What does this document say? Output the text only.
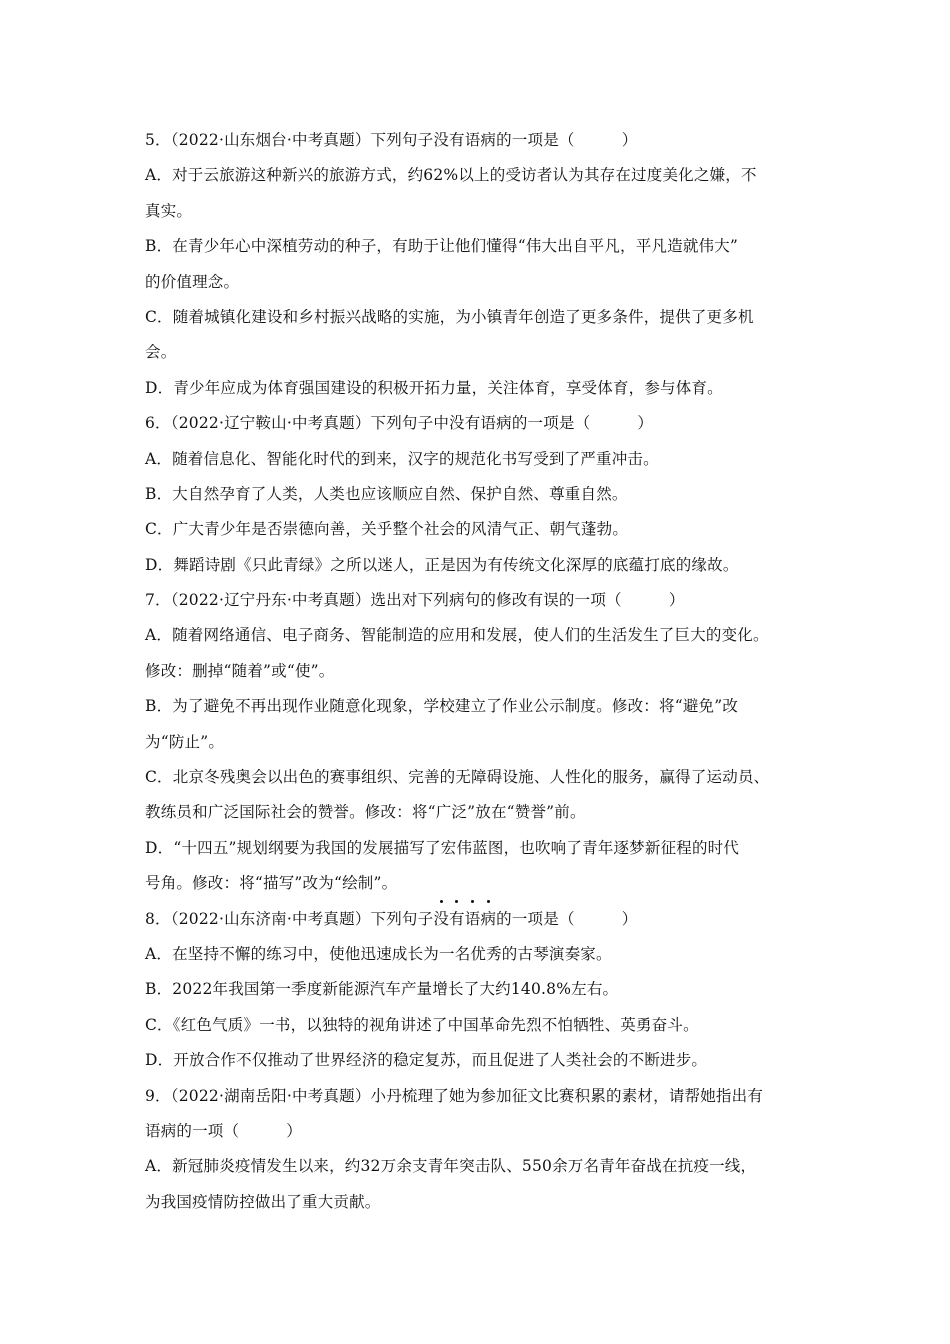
5．（2022·山东烟台·中考真题）下列句子没有语病的一项是（　　　）
A．对于云旅游这种新兴的旅游方式，约62%以上的受访者认为其存在过度美化之嫌，不
真实。
B．在青少年心中深植劳动的种子，有助于让他们懂得“伟大出自平凡，平凡造就伟大”
的价值理念。
C．随着城镇化建设和乡村振兴战略的实施，为小镇青年创造了更多条件，提供了更多机
会。
D．青少年应成为体育强国建设的积极开拓力量，关注体育，享受体育，参与体育。
6．（2022·辽宁鞍山·中考真题）下列句子中没有语病的一项是（　　　）
A．随着信息化、智能化时代的到来，汉字的规范化书写受到了严重冲击。
B．大自然孕育了人类，人类也应该顺应自然、保护自然、尊重自然。
C．广大青少年是否崇德向善，关乎整个社会的风清气正、朝气蓬勃。
D．舞蹈诗剧《只此青绿》之所以迷人，正是因为有传统文化深厚的底蕴打底的缘故。
7．（2022·辽宁丹东·中考真题）选出对下列病句的修改有误的一项（　　　）
A．随着网络通信、电子商务、智能制造的应用和发展，使人们的生活发生了巨大的变化。
修改：删掉“随着”或“使”。
B．为了避免不再出现作业随意化现象，学校建立了作业公示制度。修改：将“避免”改
为“防止”。
C．北京冬残奥会以出色的赛事组织、完善的无障碍设施、人性化的服务，赢得了运动员、
教练员和广泛国际社会的赞誉。修改：将“广泛”放在“赞誉”前。
D．“十四五”规划纲要为我国的发展描写了宏伟蓝图，也吹响了青年逐梦新征程的时代
号角。修改：将“描写”改为“绘制”。
8．（2022·山东济南·中考真题）下列句子没有语病的一项是（　　　）
A．在坚持不懈的练习中，使他迅速成长为一名优秀的古琴演奏家。
B．2022年我国第一季度新能源汽车产量增长了大约140.8%左右。
C．《红色气质》一书，以独特的视角讲述了中国革命先烈不怕牺牲、英勇奋斗。
D．开放合作不仅推动了世界经济的稳定复苏，而且促进了人类社会的不断进步。
9．（2022·湖南岳阳·中考真题）小丹梳理了她为参加征文比赛积累的素材，请帮她指出有
语病的一项（　　　）
A．新冠肺炎疫情发生以来，约32万余支青年突击队、550余万名青年奋战在抗疫一线，
为我国疫情防控做出了重大贡献。
